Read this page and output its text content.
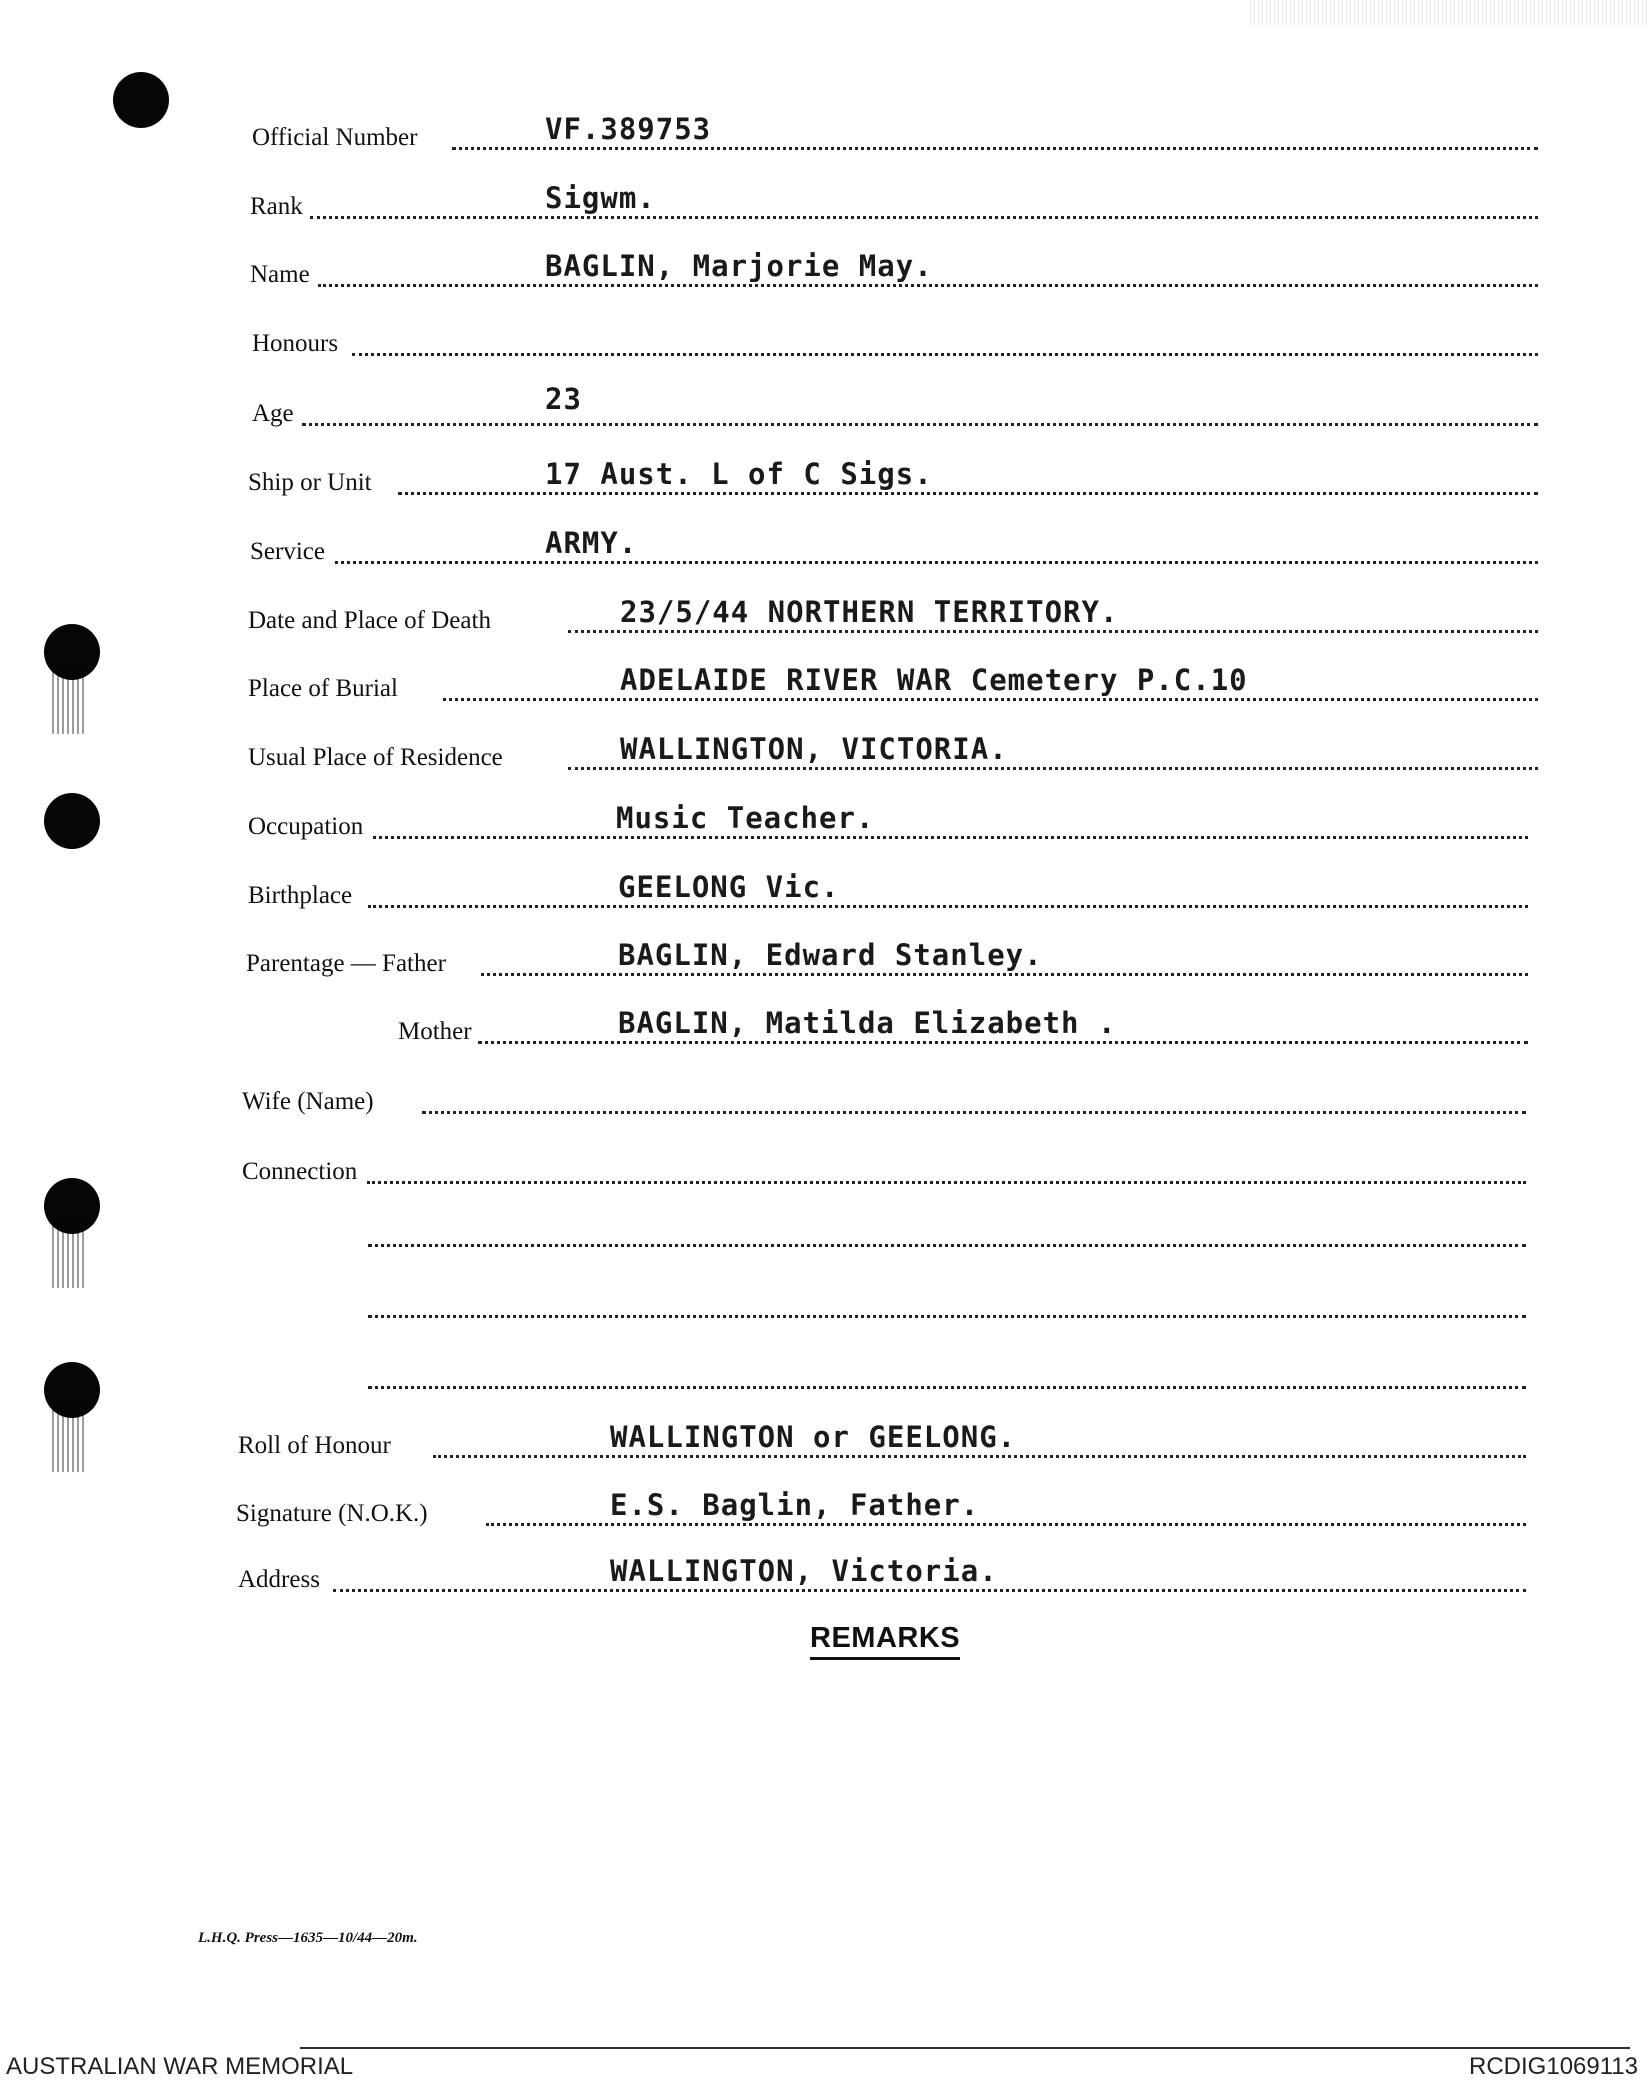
Official Number	VF.389753
Rank	Sigwm.
Name	BAGLIN, Marjorie May.
Honours
Age	23
Ship or Unit	17 Aust. L of C Sigs.
Service	ARMY.
Date and Place of Death	23/5/44 NORTHERN TERRITORY.
Place of Burial	ADELAIDE RIVER WAR Cemetery P.C.10
Usual Place of Residence	WALLINGTON, VICTORIA.
Occupation	Music Teacher.
Birthplace	GEELONG Vic.
Parentage — Father	BAGLIN, Edward Stanley.
Mother	BAGLIN, Matilda Elizabeth .
Wife (Name)
Connection
Roll of Honour	WALLINGTON or GEELONG.
Signature (N.O.K.)	E.S. Baglin, Father.
Address	WALLINGTON, Victoria.
REMARKS
L.H.Q. Press—1635—10/44—20m.
AUSTRALIAN WAR MEMORIAL	RCDIG1069113
